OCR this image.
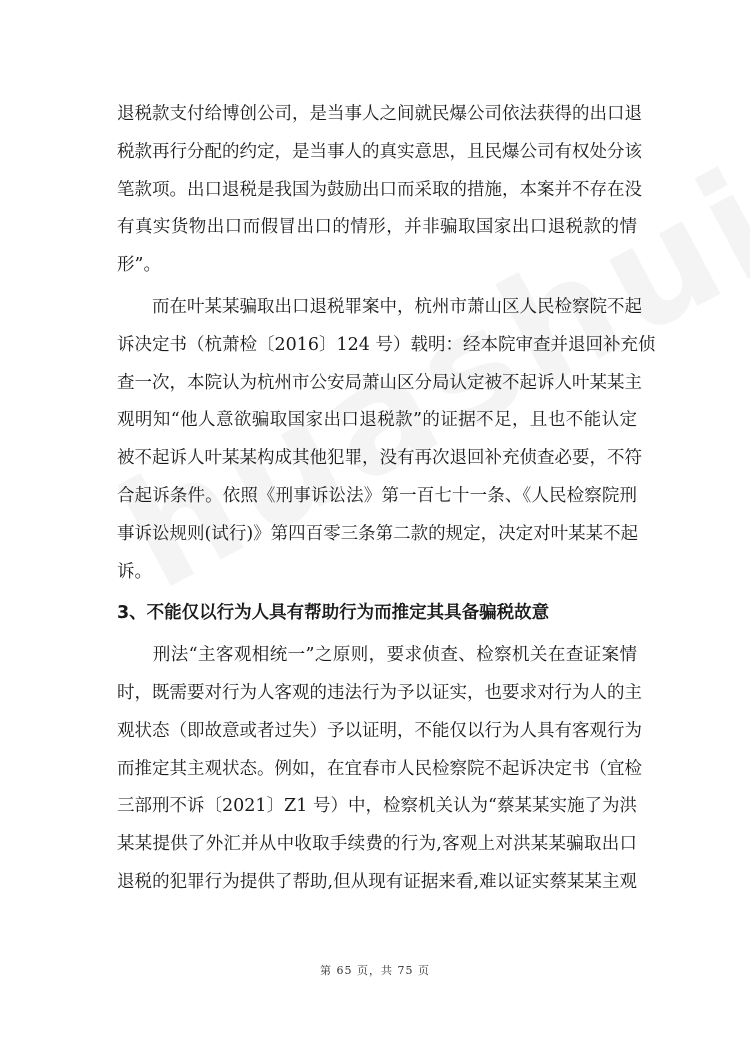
退税款支付给博创公司，是当事人之间就民爆公司依法获得的出口退
税款再行分配的约定，是当事人的真实意思，且民爆公司有权处分该
笔款项。出口退税是我国为鼓励出口而采取的措施，本案并不存在没
有真实货物出口而假冒出口的情形，并非骗取国家出口退税款的情
形”。

　　而在叶某某骗取出口退税罪案中，杭州市萧山区人民检察院不起
诉决定书（杭萧检〔2016〕124 号）载明：经本院审查并退回补充侦
查一次，本院认为杭州市公安局萧山区分局认定被不起诉人叶某某主
观明知“他人意欲骗取国家出口退税款”的证据不足，且也不能认定
被不起诉人叶某某构成其他犯罪，没有再次退回补充侦查必要，不符
合起诉条件。依照《刑事诉讼法》第一百七十一条、《人民检察院刑
事诉讼规则(试行)》第四百零三条第二款的规定，决定对叶某某不起
诉。

3、不能仅以行为人具有帮助行为而推定其具备骗税故意

　　刑法“主客观相统一”之原则，要求侦查、检察机关在查证案情
时，既需要对行为人客观的违法行为予以证实，也要求对行为人的主
观状态（即故意或者过失）予以证明，不能仅以行为人具有客观行为
而推定其主观状态。例如，在宜春市人民检察院不起诉决定书（宜检
三部刑不诉〔2021〕Z1 号）中，检察机关认为“蔡某某实施了为洪
某某提供了外汇并从中收取手续费的行为,客观上对洪某某骗取出口
退税的犯罪行为提供了帮助,但从现有证据来看,难以证实蔡某某主观

第 65 页，共 75 页
